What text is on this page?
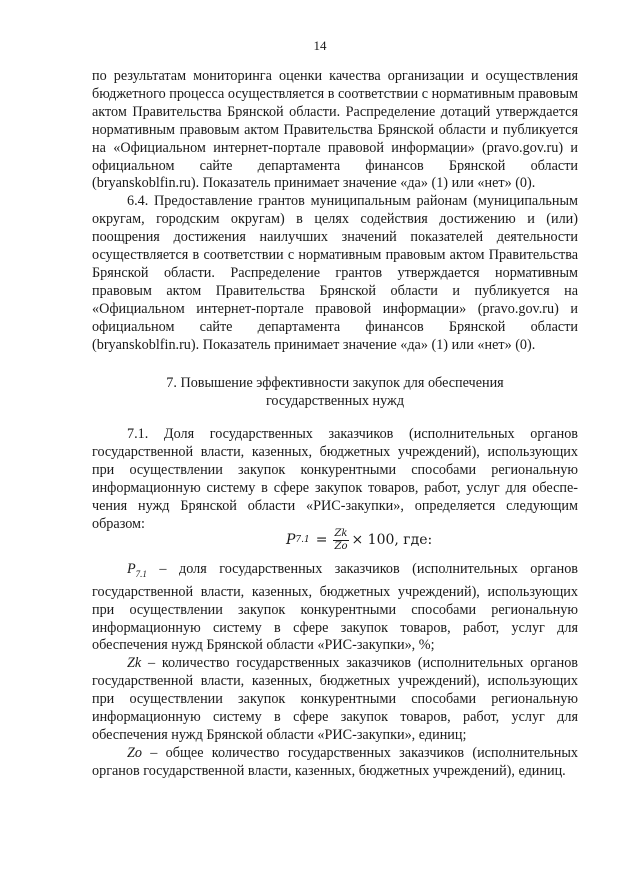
14

по результатам мониторинга оценки качества организации и осуществления бюджетного процесса осуществляется в соответствии с нормативным правовым актом Правительства Брянской области. Распределение дотаций утверждается нормативным правовым актом Правительства Брянской области и публикуется на «Официальном интернет-портале правовой информации» (pravo.gov.ru) и официальном сайте департамента финансов Брянской области (bryanskoblfin.ru). Показатель принимает значение «да» (1) или «нет» (0).

6.4. Предоставление грантов муниципальным районам (муниципальным округам, городским округам) в целях содействия достижению и (или) поощрения достижения наилучших значений показателей деятельности осуществляется в соответствии с нормативным правовым актом Правительства Брянской области. Распределение грантов утверждается нормативным правовым актом Правительства Брянской области и публикуется на «Официальном интернет-портале правовой информации» (pravo.gov.ru) и официальном сайте департамента финансов Брянской области (bryanskoblfin.ru). Показатель принимает значение «да» (1) или «нет» (0).

7. Повышение эффективности закупок для обеспечения
государственных нужд

7.1. Доля государственных заказчиков (исполнительных органов государственной власти, казенных, бюджетных учреждений), использующих при осуществлении закупок конкурентными способами региональную информационную систему в сфере закупок товаров, работ, услуг для обеспечения нужд Брянской области «РИС-закупки», определяется следующим образом:

P $7.1 = \frac{Zk}{Zo} \times 100$, где:

$P_{7.1}$ – доля государственных заказчиков (исполнительных органов государственной власти, казенных, бюджетных учреждений), использующих при осуществлении закупок конкурентными способами региональную информационную систему в сфере закупок товаров, работ, услуг для обеспечения нужд Брянской области «РИС-закупки», %;

Zk – количество государственных заказчиков (исполнительных органов государственной власти, казенных, бюджетных учреждений), использующих при осуществлении закупок конкурентными способами региональную информационную систему в сфере закупок товаров, работ, услуг для обеспечения нужд Брянской области «РИС-закупки», единиц;

Zo – общее количество государственных заказчиков (исполнительных органов государственной власти, казенных, бюджетных учреждений), единиц.
